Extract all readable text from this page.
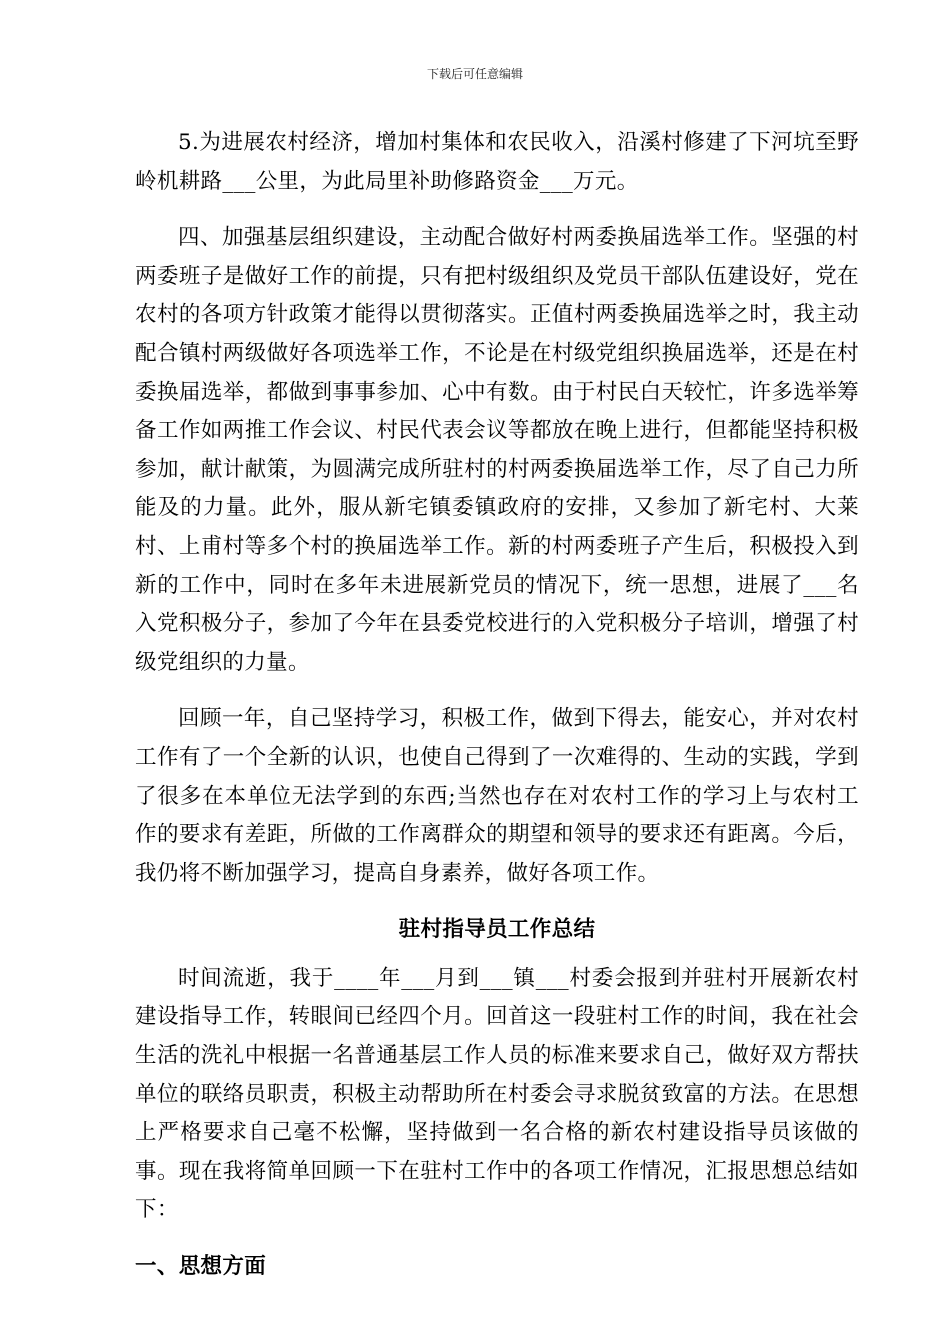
下载后可任意编辑

5.为进展农村经济，增加村集体和农民收入，沿溪村修建了下河坑至野岭机耕路___公里，为此局里补助修路资金___万元。

四、加强基层组织建设，主动配合做好村两委换届选举工作。坚强的村两委班子是做好工作的前提，只有把村级组织及党员干部队伍建设好，党在农村的各项方针政策才能得以贯彻落实。正值村两委换届选举之时，我主动配合镇村两级做好各项选举工作，不论是在村级党组织换届选举，还是在村委换届选举，都做到事事参加、心中有数。由于村民白天较忙，许多选举筹备工作如两推工作会议、村民代表会议等都放在晚上进行，但都能坚持积极参加，献计献策，为圆满完成所驻村的村两委换届选举工作，尽了自己力所能及的力量。此外，服从新宅镇委镇政府的安排，又参加了新宅村、大莱村、上甫村等多个村的换届选举工作。新的村两委班子产生后，积极投入到新的工作中，同时在多年未进展新党员的情况下，统一思想，进展了___名入党积极分子，参加了今年在县委党校进行的入党积极分子培训，增强了村级党组织的力量。

回顾一年，自己坚持学习，积极工作，做到下得去，能安心，并对农村工作有了一个全新的认识，也使自己得到了一次难得的、生动的实践，学到了很多在本单位无法学到的东西;当然也存在对农村工作的学习上与农村工作的要求有差距，所做的工作离群众的期望和领导的要求还有距离。今后，我仍将不断加强学习，提高自身素养，做好各项工作。

驻村指导员工作总结

时间流逝，我于____年___月到___镇___村委会报到并驻村开展新农村建设指导工作，转眼间已经四个月。回首这一段驻村工作的时间，我在社会生活的洗礼中根据一名普通基层工作人员的标准来要求自己，做好双方帮扶单位的联络员职责，积极主动帮助所在村委会寻求脱贫致富的方法。在思想上严格要求自己毫不松懈，坚持做到一名合格的新农村建设指导员该做的事。现在我将简单回顾一下在驻村工作中的各项工作情况，汇报思想总结如下：

一、思想方面
